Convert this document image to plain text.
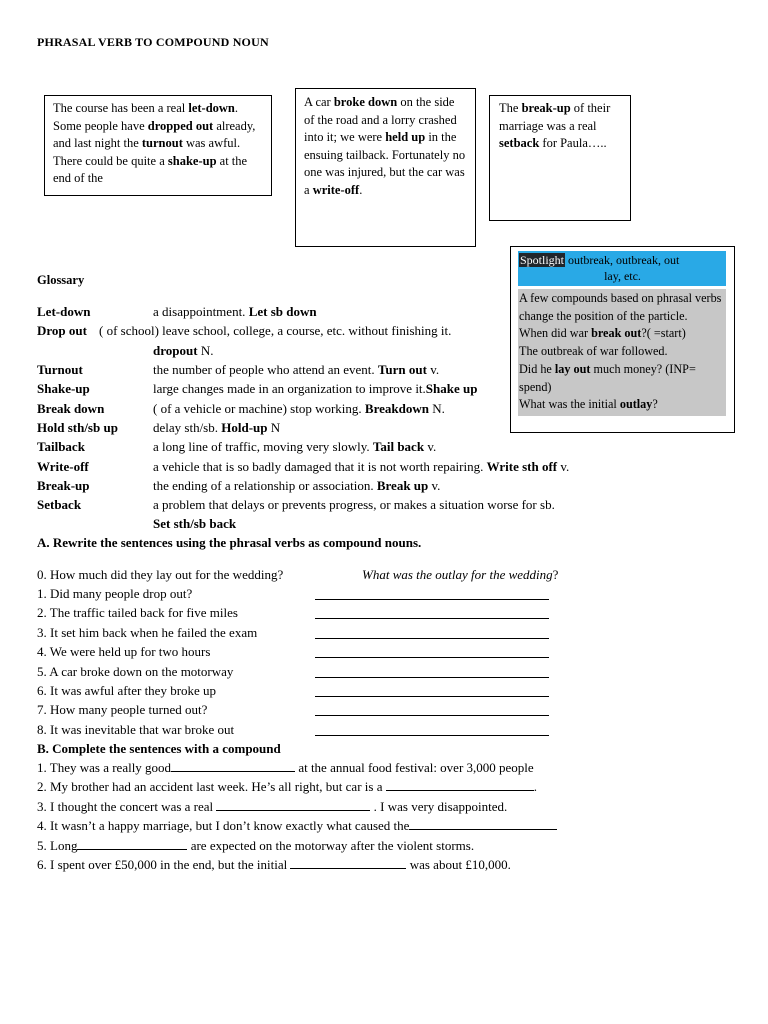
PHRASAL VERB TO COMPOUND NOUN
The course has been a real let-down. Some people have dropped out already, and last night the turnout was awful. There could be quite a shake-up at the end of the
A car broke down on the side of the road and a lorry crashed into it; we were held up in the ensuing tailback. Fortunately no one was injured, but the car was a write-off.
The break-up of their marriage was a real setback for Paula…..
Spotlight outbreak, outbreak, out
lay, etc.
A few compounds based on phrasal verbs change the position of the particle.
When did war break out?( =start)
The outbreak of war followed.
Did he lay out much money? (INP= spend)
What was the initial outlay?
Glossary
Let-down	a disappointment. Let sb down
Drop out ( of school) leave school, college, a course, etc. without finishing it.
dropout N.
Turnout	the number of people who attend an event. Turn out v.
Shake-up	large changes made in an organization to improve it.Shake up
Break down	( of a vehicle or machine) stop working. Breakdown N.
Hold sth/sb up	delay sth/sb. Hold-up N
Tailback	a long line of traffic, moving very slowly. Tail back v.
Write-off	a vehicle that is so badly damaged that it is not worth repairing. Write sth off v.
Break-up	the ending of a relationship or association. Break up v.
Setback	a problem that delays or prevents progress, or makes a situation worse for sb.
Set sth/sb back
A. Rewrite the sentences using the phrasal verbs as compound nouns.
0. How much did they lay out for the wedding?	What was the outlay for the wedding?
1. Did many people drop out?
2. The traffic tailed back for five miles
3. It set him back when he failed the exam
4. We were held up for two hours
5. A car broke down on the motorway
6. It was awful after they broke up
7. How many people turned out?
8. It was inevitable that war broke out
B. Complete the sentences with a compound
1. They was a really good	at the annual food festival: over 3,000 people
2. My brother had an accident last week. He’s all right, but car is a	.
3. I thought the concert was a real	. I was very disappointed.
4. It wasn’t a happy marriage, but I don’t know exactly what caused the
5. Long	are expected on the motorway after the violent storms.
6. I spent over £50,000 in the end, but the initial	was about £10,000.
